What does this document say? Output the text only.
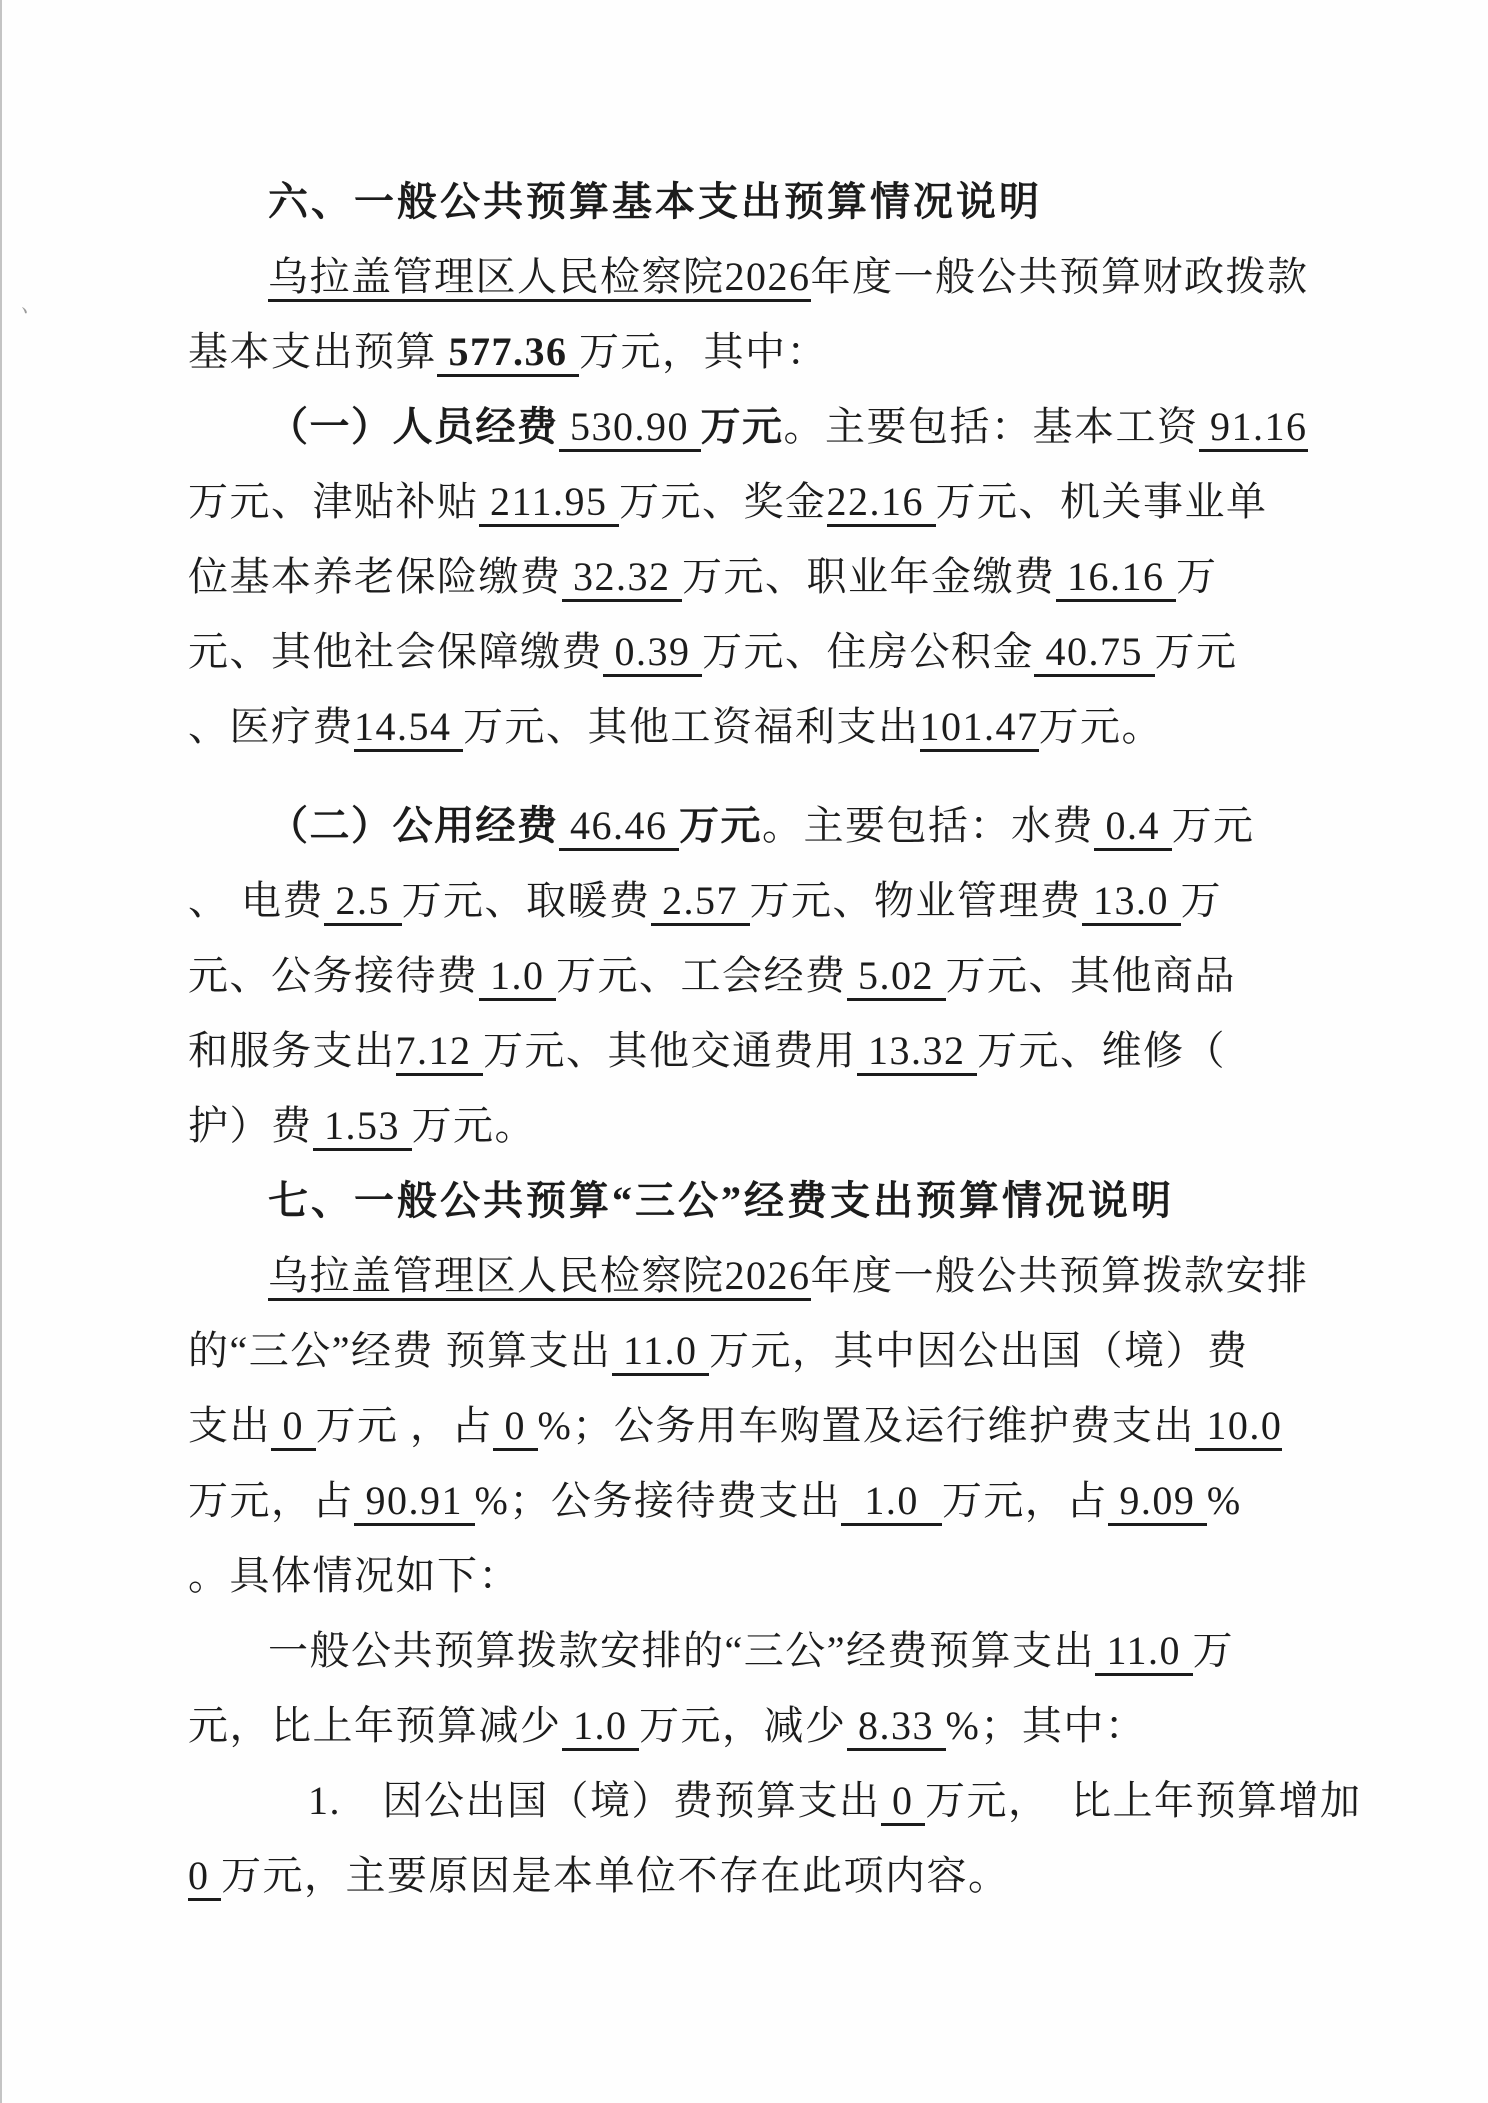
、
六、一般公共预算基本支出预算情况说明
乌拉盖管理区人民检察院2026年度一般公共预算财政拨款
基本支出预算 577.36 万元，其中：
（一）人员经费 530.90 万元。主要包括：基本工资 91.16
万元、津贴补贴 211.95 万元、奖金22.16 万元、机关事业单
位基本养老保险缴费 32.32 万元、职业年金缴费 16.16 万
元、其他社会保障缴费 0.39 万元、住房公积金 40.75 万元
、医疗费14.54 万元、其他工资福利支出101.47万元。
（二）公用经费 46.46 万元。主要包括：水费 0.4 万元
、 电费 2.5 万元、取暖费 2.57 万元、物业管理费 13.0 万
元、公务接待费 1.0 万元、工会经费 5.02 万元、其他商品
和服务支出7.12 万元、其他交通费用 13.32 万元、维修（
护）费 1.53 万元。
七、一般公共预算“三公”经费支出预算情况说明
乌拉盖管理区人民检察院2026年度一般公共预算拨款安排
的“三公”经费 预算支出 11.0 万元，其中因公出国（境）费
支出 0 万元 ，占 0 %；公务用车购置及运行维护费支出 10.0
万元，占 90.91 %；公务接待费支出  1.0  万元，占 9.09 %
。具体情况如下：
一般公共预算拨款安排的“三公”经费预算支出 11.0 万
元，比上年预算减少 1.0 万元，减少 8.33 %；其中：
1.　因公出国（境）费预算支出 0 万元，　比上年预算增加
0 万元，主要原因是本单位不存在此项内容。
